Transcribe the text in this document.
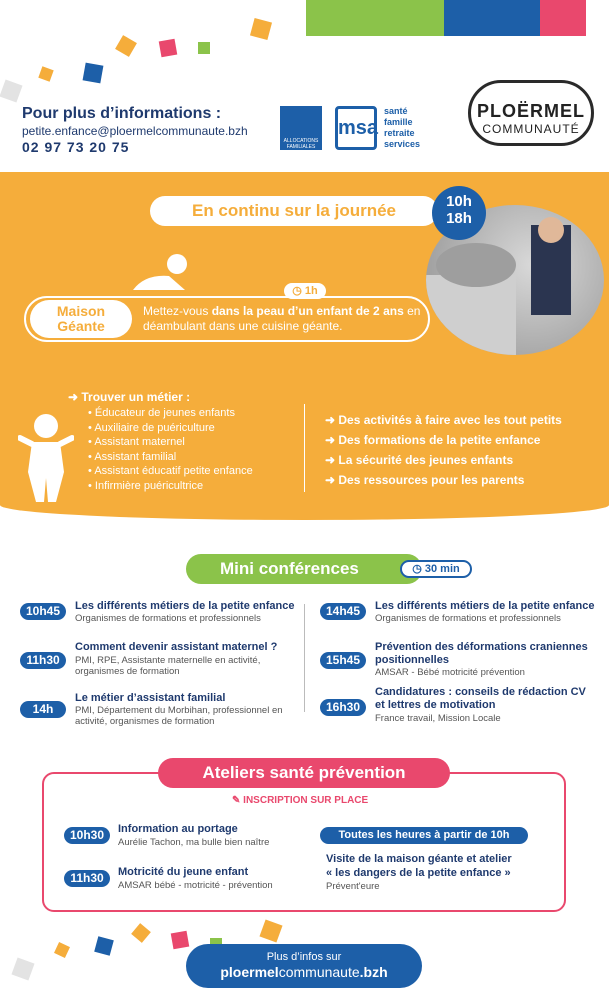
Pour plus d’informations :
petite.enfance@ploermelcommunaute.bzh
02 97 73 20 75	ALLOCATIONS FAMILIALES
msa
santé
famille
retraite
services
PLOËRMEL
COMMUNAUTÉ
En continu sur la journée	10h
18h
Maison
Géante
◷ 1h
Mettez-vous dans la peau d’un enfant de 2 ans en déambulant dans une cuisine géante.
➜ Trouver un métier :
• Éducateur de jeunes enfants
• Auxiliaire de puériculture
• Assistant maternel
• Assistant familial
• Assistant éducatif petite enfance
• Infirmière puéricultrice
➜ Des activités à faire avec les tout petits
➜ Des formations de la petite enfance
➜ La sécurité des jeunes enfants
➜ Des ressources pour les parents
Mini conférences	◷ 30 min
10h45	Les différents métiers de la petite enfance
Organismes de formations et professionnels
11h30
Comment devenir assistant maternel ?
PMI, RPE, Assistante maternelle en activité, organismes de formation
14h
Le métier d’assistant familial
PMI, Département du Morbihan, professionnel en activité, organismes de formation
14h45	Les différents métiers de la petite enfance
Organismes de formations et professionnels
15h45
Prévention des déformations craniennes positionnelles
AMSAR - Bébé motricité prévention
16h30
Candidatures : conseils de rédaction CV et lettres de motivation
France travail, Mission Locale
Ateliers santé prévention
✎ INSCRIPTION SUR PLACE
10h30	Information au portage
Aurélie Tachon, ma bulle bien naître
11h30	Motricité du jeune enfant
AMSAR bébé - motricité - prévention
Toutes les heures à partir de 10h
Visite de la maison géante et atelier
« les dangers de la petite enfance »
Prévent'eure
Plus d’infos sur
ploermelcommunaute.bzh
